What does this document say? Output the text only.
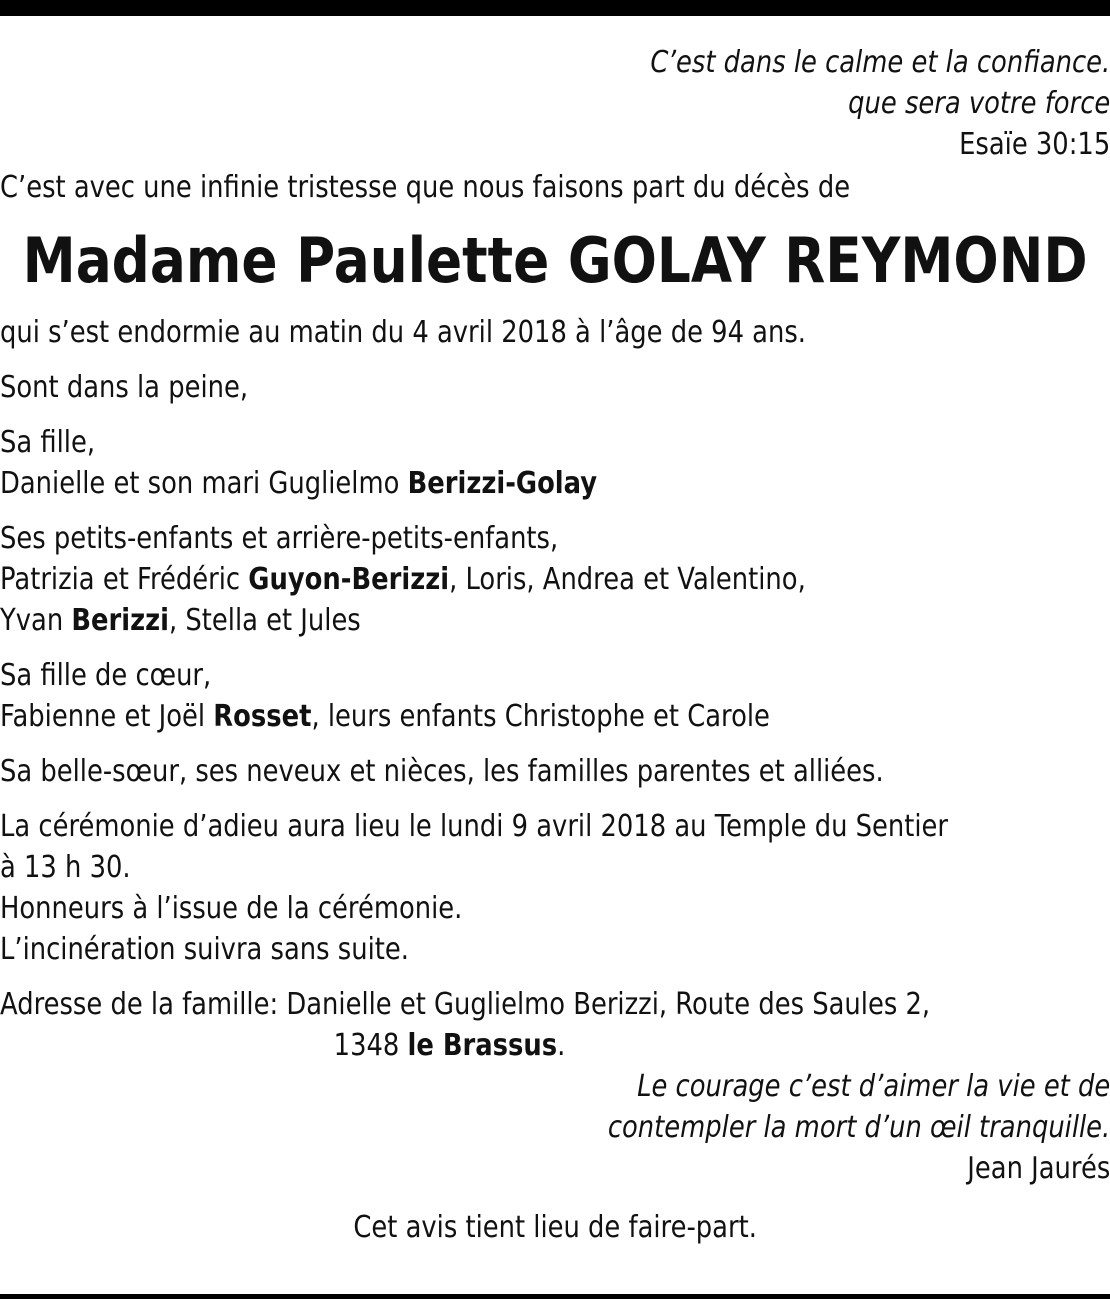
C’est dans le calme et la confiance.

que sera votre force

Esaïe 30:15

C’est avec une infinie tristesse que nous faisons part du décès de

Madame Paulette GOLAY REYMOND

qui s’est endormie au matin du 4 avril 2018 à l’âge de 94 ans.

Sont dans la peine,

Sa fille,

Danielle et son mari Guglielmo Berizzi-Golay

Ses petits-enfants et arrière-petits-enfants,

Patrizia et Frédéric Guyon-Berizzi, Loris, Andrea et Valentino,

Yvan Berizzi, Stella et Jules

Sa fille de cœur,

Fabienne et Joël Rosset, leurs enfants Christophe et Carole

Sa belle-sœur, ses neveux et nièces, les familles parentes et alliées.

La cérémonie d’adieu aura lieu le lundi 9 avril 2018 au Temple du Sentier

à 13 h 30.

Honneurs à l’issue de la cérémonie.

L’incinération suivra sans suite.

Adresse de la famille: Danielle et Guglielmo Berizzi, Route des Saules 2,

1348 le Brassus.

Le courage c’est d’aimer la vie et de

contempler la mort d’un œil tranquille.

Jean Jaurés

Cet avis tient lieu de faire-part.
